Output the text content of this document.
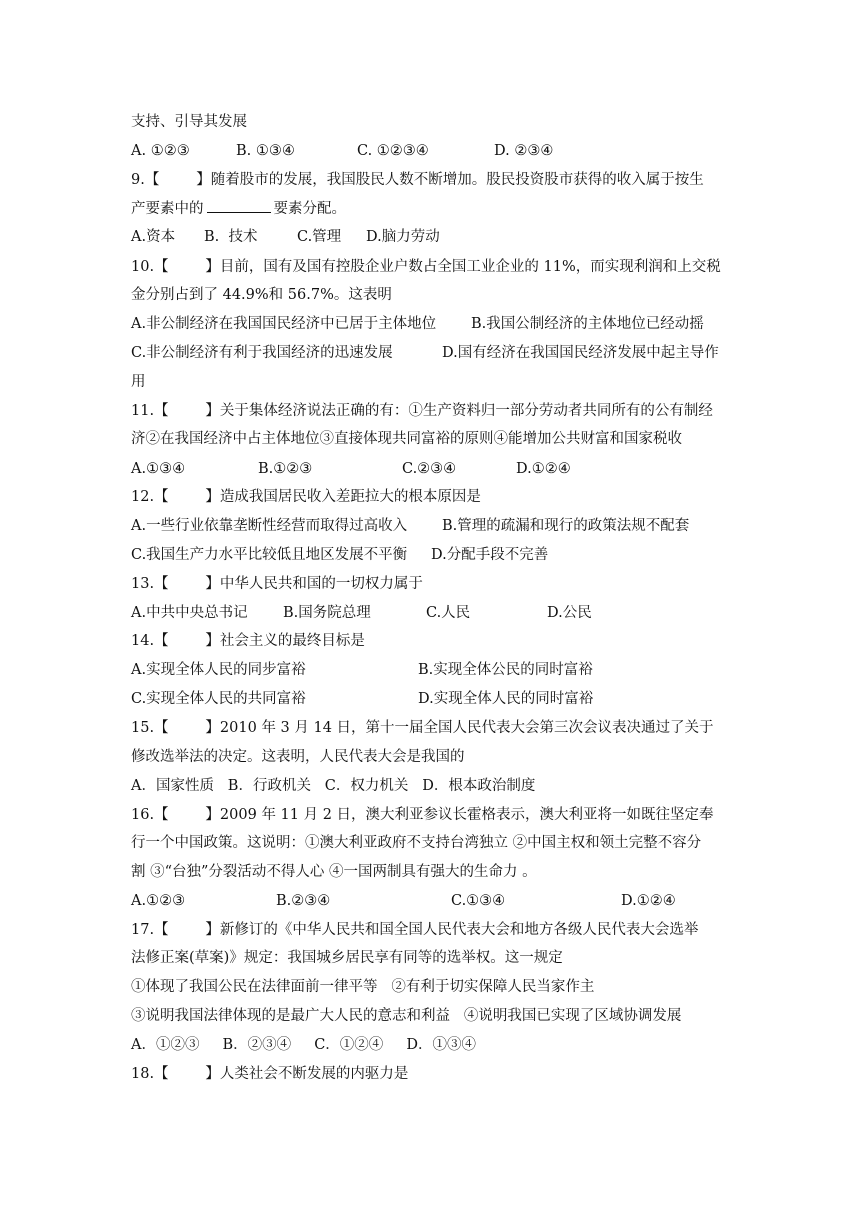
支持、引导其发展
A. ①②③	B. ①③④	C. ①②③④	D. ②③④
9.【        】随着股市的发展，我国股民人数不断增加。股民投资股市获得的收入属于按生
产要素中的	要素分配。
A.资本 B.  技术	C.管理 D.脑力劳动
10.【        】目前，国有及国有控股企业户数占全国工业企业的 11%，而实现利润和上交税
金分别占到了 44.9%和 56.7%。这表明
A.非公制经济在我国国民经济中已居于主体地位 B.我国公制经济的主体地位已经动摇
C.非公制经济有利于我国经济的迅速发展	D.国有经济在我国国民经济发展中起主导作
用
11.【        】关于集体经济说法正确的有：①生产资料归一部分劳动者共同所有的公有制经
济②在我国经济中占主体地位③直接体现共同富裕的原则④能增加公共财富和国家税收
A.①③④	B.①②③	C.②③④	D.①②④
12.【        】造成我国居民收入差距拉大的根本原因是
A.一些行业依靠垄断性经营而取得过高收入 B.管理的疏漏和现行的政策法规不配套
C.我国生产力水平比较低且地区发展不平衡 D.分配手段不完善
13.【        】中华人民共和国的一切权力属于
A.中共中央总书记 B.国务院总理	C.人民	D.公民
14.【        】社会主义的最终目标是
A.实现全体人民的同步富裕	B.实现全体公民的同时富裕
C.实现全体人民的共同富裕	D.实现全体人民的同时富裕
15.【        】2010 年 3 月 14 日，第十一届全国人民代表大会第三次会议表决通过了关于
修改选举法的决定。这表明，人民代表大会是我国的
A．国家性质   B．行政机关   C．权力机关   D．根本政治制度
16.【        】2009 年 11 月 2 日，澳大利亚参议长霍格表示，澳大利亚将一如既往坚定奉
行一个中国政策。这说明：①澳大利亚政府不支持台湾独立 ②中国主权和领土完整不容分
割 ③“台独”分裂活动不得人心 ④一国两制具有强大的生命力 。
A.①②③	B.②③④	C.①③④	D.①②④
17.【        】新修订的《中华人民共和国全国人民代表大会和地方各级人民代表大会选举
法修正案(草案)》规定：我国城乡居民享有同等的选举权。这一规定
①体现了我国公民在法律面前一律平等   ②有利于切实保障人民当家作主
③说明我国法律体现的是最广大人民的意志和利益   ④说明我国已实现了区域协调发展
A．①②③     B．②③④     C．①②④     D．①③④
18.【        】人类社会不断发展的内驱力是
